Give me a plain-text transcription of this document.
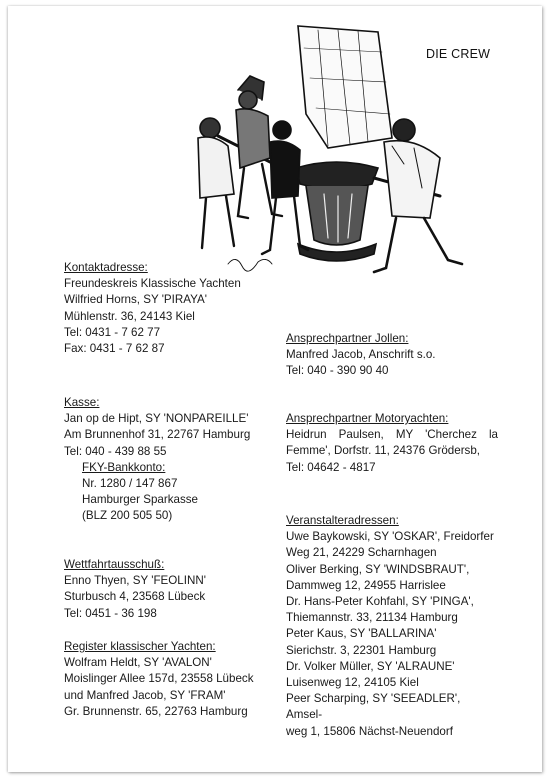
DIE CREW
Kontaktadresse:
Freundeskreis Klassische Yachten
Wilfried Horns, SY 'PIRAYA'
Mühlenstr. 36, 24143 Kiel
Tel: 0431 - 7 62 77
Fax: 0431 - 7 62 87
Ansprechpartner Jollen:
Manfred Jacob, Anschrift s.o.
Tel: 040 - 390 90 40
Kasse:
Jan op de Hipt, SY 'NONPAREILLE'
Am Brunnenhof 31, 22767 Hamburg
Tel: 040 - 439 88 55
FKY-Bankkonto:
Nr. 1280 / 147 867
Hamburger Sparkasse
(BLZ 200 505 50)
Ansprechpartner Motoryachten:
Heidrun Paulsen, MY 'Cherchez la Femme', Dorfstr. 11, 24376 Grödersb,
Tel: 04642 - 4817
Veranstalteradressen:
Uwe Baykowski, SY 'OSKAR', Freidorfer
Weg 21, 24229 Scharnhagen
Oliver Berking, SY 'WINDSBRAUT',
Dammweg 12, 24955 Harrislee
Dr. Hans-Peter Kohfahl, SY 'PINGA',
Thiemannstr. 33, 21134 Hamburg
Peter Kaus, SY 'BALLARINA'
Sierichstr. 3, 22301 Hamburg
Dr. Volker Müller, SY 'ALRAUNE'
Luisenweg 12, 24105 Kiel
Peer Scharping, SY 'SEEADLER', Amsel-
weg 1, 15806 Nächst-Neuendorf
Wettfahrtausschuß:
Enno Thyen, SY 'FEOLINN'
Sturbusch 4, 23568 Lübeck
Tel: 0451 - 36 198
Register klassischer Yachten:
Wolfram Heldt, SY 'AVALON'
Moislinger Allee 157d, 23558 Lübeck
und Manfred Jacob, SY 'FRAM'
Gr. Brunnenstr. 65, 22763 Hamburg
